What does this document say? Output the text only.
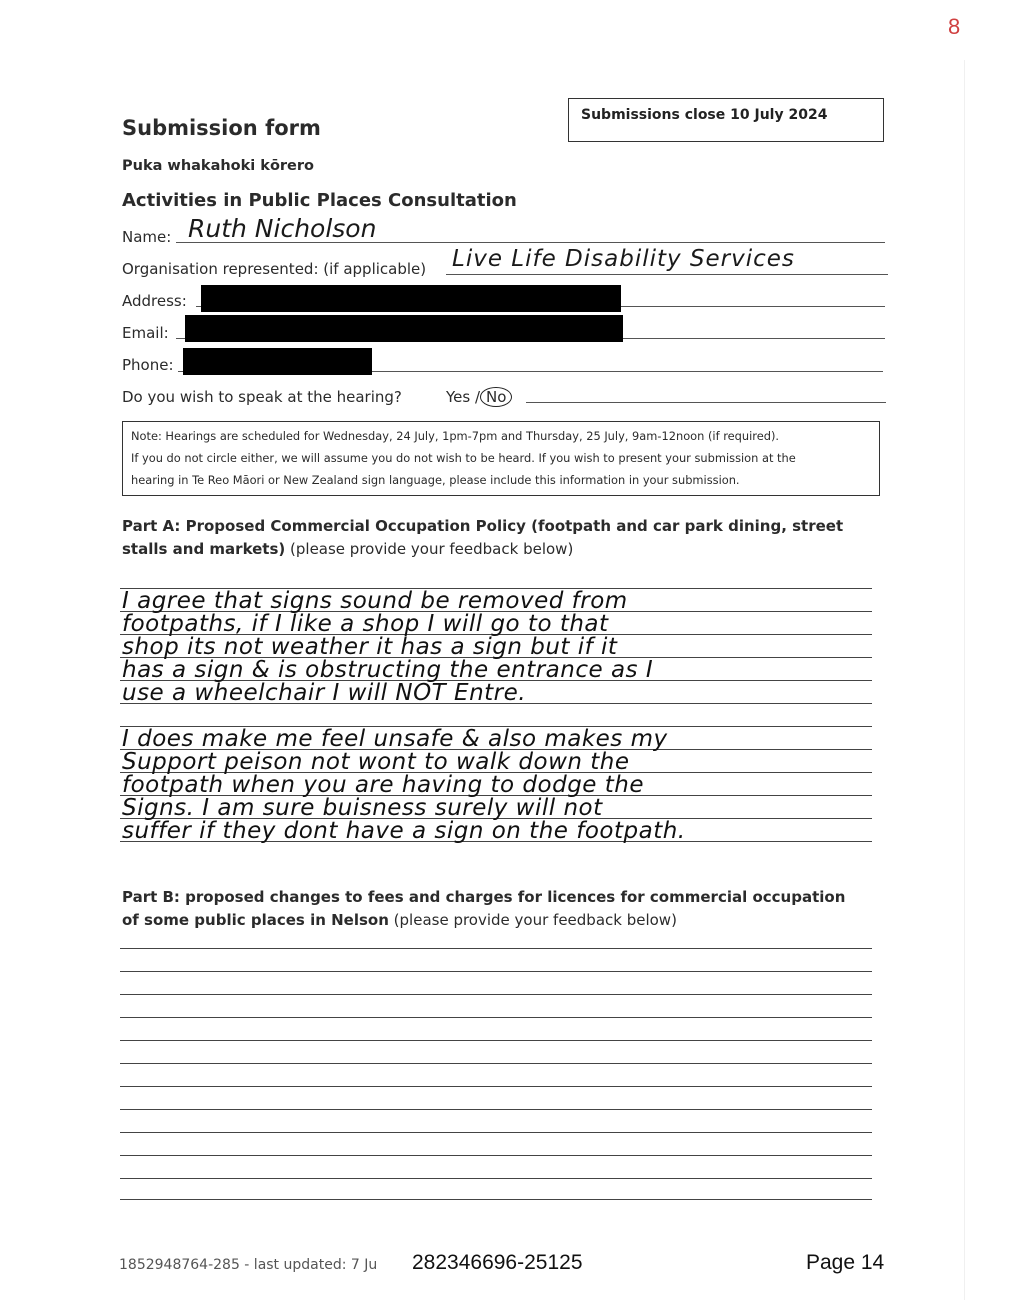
8
Submission form
Puka whakahoki kōrero
Submissions close 10 July 2024
Activities in Public Places Consultation
Name: Ruth Nicholson
Organisation represented: (if applicable) Live Life Disability Services
Address:
Email:
Phone:
Do you wish to speak at the hearing?	Yes / No
Note: Hearings are scheduled for Wednesday, 24 July, 1pm-7pm and Thursday, 25 July, 9am-12noon (if required).
If you do not circle either, we will assume you do not wish to be heard. If you wish to present your submission at the
hearing in Te Reo Māori or New Zealand sign language, please include this information in your submission.
Part A: Proposed Commercial Occupation Policy (footpath and car park dining, street
stalls and markets) (please provide your feedback below)
I agree that signs sound be removed from
footpaths, if I like a shop I will go to that
shop its not weather it has a sign but if it
has a sign & is obstructing the entrance as I
use a wheelchair I will NOT Entre.
I does make me feel unsafe & also makes my
Support peison not wont to walk down the
footpath when you are having to dodge the
Signs. I am sure buisness surely will not
suffer if they dont have a sign on the footpath.
Part B: proposed changes to fees and charges for licences for commercial occupation
of some public places in Nelson (please provide your feedback below)
1852948764-285 - last updated: 7 Ju 282346696-25125	Page 14
